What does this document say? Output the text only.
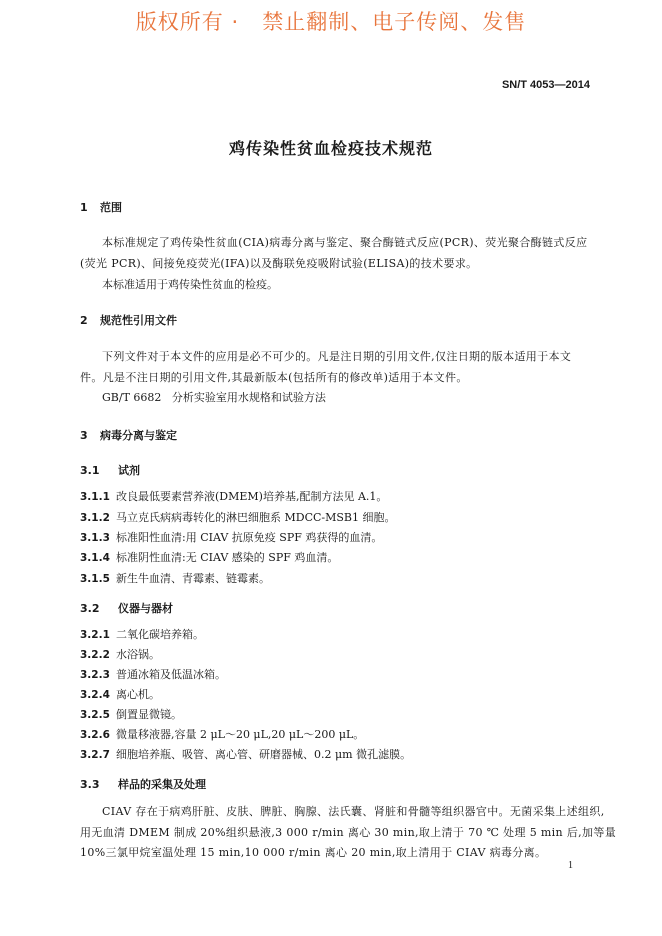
版权所有 ·   禁止翻制、电子传阅、发售
SN/T 4053—2014
鸡传染性贫血检疫技术规范
1 范围
本标准规定了鸡传染性贫血(CIA)病毒分离与鉴定、聚合酶链式反应(PCR)、荧光聚合酶链式反应
(荧光 PCR)、间接免疫荧光(IFA)以及酶联免疫吸附试验(ELISA)的技术要求。
本标准适用于鸡传染性贫血的检疫。
2 规范性引用文件
下列文件对于本文件的应用是必不可少的。凡是注日期的引用文件,仅注日期的版本适用于本文
件。凡是不注日期的引用文件,其最新版本(包括所有的修改单)适用于本文件。
GB/T 6682   分析实验室用水规格和试验方法
3 病毒分离与鉴定
3.1 试剂
3.1.1 改良最低要素营养液(DMEM)培养基,配制方法见 A.1。
3.1.2 马立克氏病病毒转化的淋巴细胞系 MDCC-MSB1 细胞。
3.1.3 标准阳性血清:用 CIAV 抗原免疫 SPF 鸡获得的血清。
3.1.4 标准阴性血清:无 CIAV 感染的 SPF 鸡血清。
3.1.5 新生牛血清、青霉素、链霉素。
3.2 仪器与器材
3.2.1 二氧化碳培养箱。
3.2.2 水浴锅。
3.2.3 普通冰箱及低温冰箱。
3.2.4 离心机。
3.2.5 倒置显微镜。
3.2.6 微量移液器,容量 2 μL～20 μL,20 μL～200 μL。
3.2.7 细胞培养瓶、吸管、离心管、研磨器械、0.2 μm 微孔滤膜。
3.3 样品的采集及处理
CIAV 存在于病鸡肝脏、皮肤、脾脏、胸腺、法氏囊、肾脏和骨髓等组织器官中。无菌采集上述组织,
用无血清 DMEM 制成 20%组织悬液,3 000 r/min 离心 30 min,取上清于 70 ℃ 处理 5 min 后,加等量
10%三氯甲烷室温处理 15 min,10 000 r/min 离心 20 min,取上清用于 CIAV 病毒分离。
1
